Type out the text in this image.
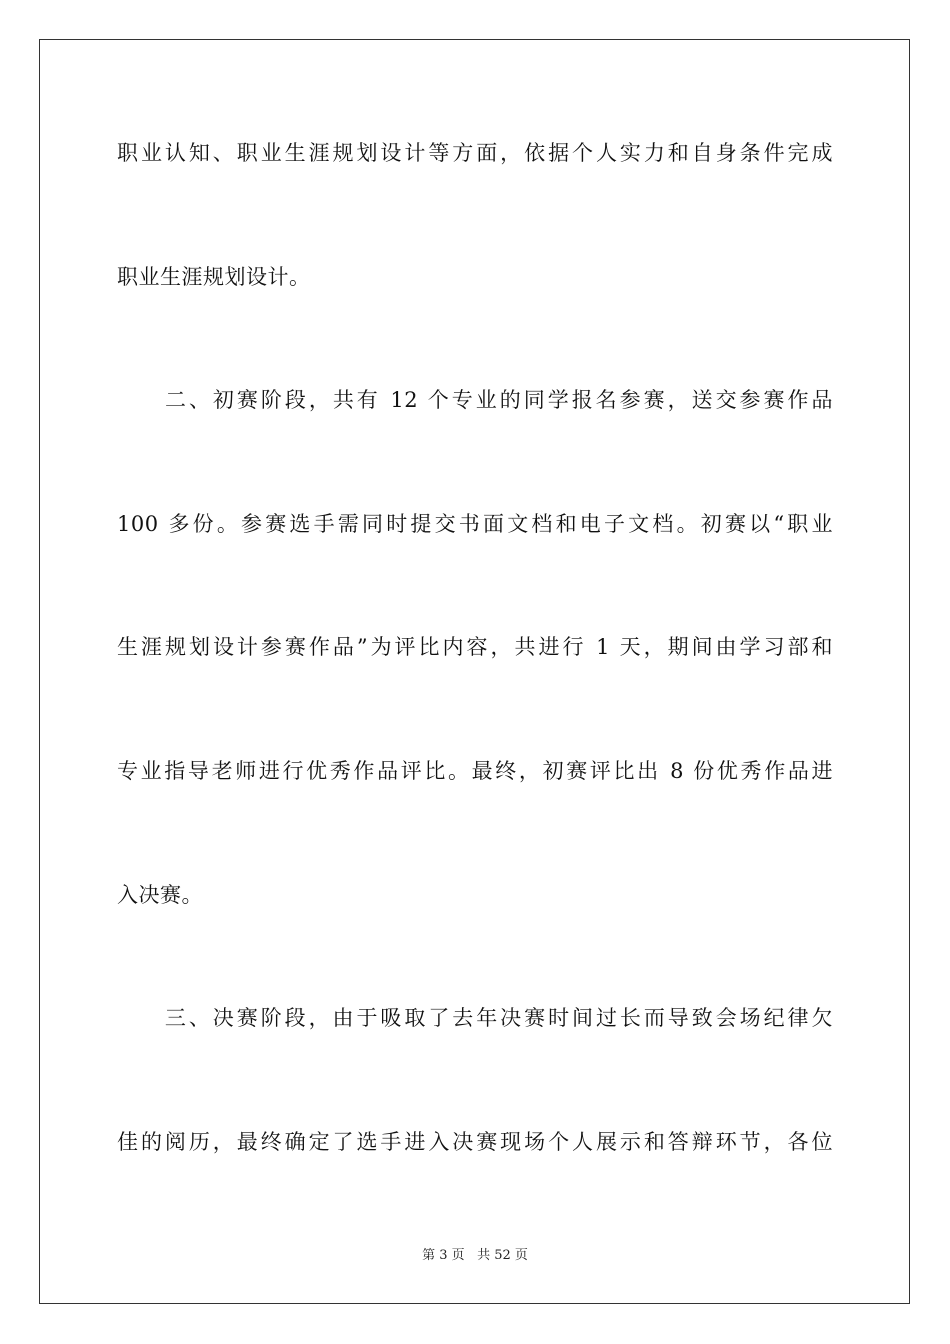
职业认知、职业生涯规划设计等方面，依据个人实力和自身条件完成
职业生涯规划设计。
　　二、初赛阶段，共有 12 个专业的同学报名参赛，送交参赛作品
100 多份。参赛选手需同时提交书面文档和电子文档。初赛以“职业
生涯规划设计参赛作品”为评比内容，共进行 1 天，期间由学习部和
专业指导老师进行优秀作品评比。最终，初赛评比出 8 份优秀作品进
入决赛。
　　三、决赛阶段，由于吸取了去年决赛时间过长而导致会场纪律欠
佳的阅历，最终确定了选手进入决赛现场个人展示和答辩环节，各位
第 3 页 共 52 页
